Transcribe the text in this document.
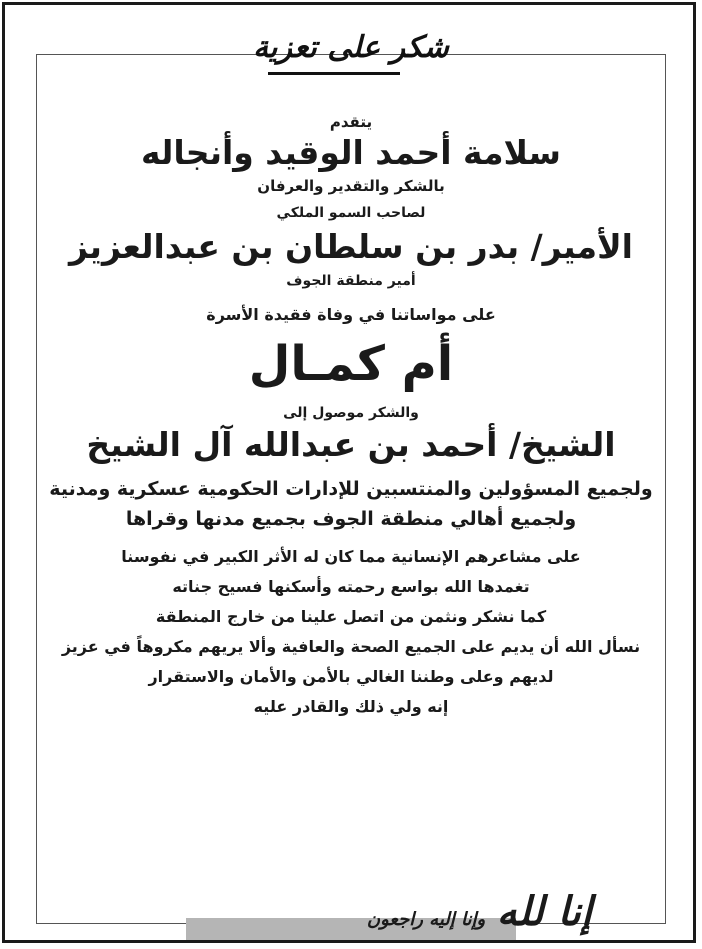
شكر على تعزية
يتقدم
سلامة أحمد الوقيد وأنجاله
بالشكر والتقدير والعرفان
لصاحب السمو الملكي
الأمير/ بدر بن سلطان بن عبدالعزيز
أمير منطقة الجوف
على مواساتنا في وفاة فقيدة الأسرة
أم كمـال
والشكر موصول إلى
الشيخ/ أحمد بن عبدالله آل الشيخ
ولجميع المسؤولين والمنتسبين للإدارات الحكومية عسكرية ومدنية
ولجميع أهالي منطقة الجوف بجميع مدنها وقراها
على مشاعرهم الإنسانية مما كان له الأثر الكبير في نفوسنا
تغمدها الله بواسع رحمته وأسكنها فسيح جناته
كما نشكر ونثمن من اتصل علينا من خارج المنطقة
نسأل الله أن يديم على الجميع الصحة والعافية وألا يريهم مكروهاً في عزيز
لديهم وعلى وطننا الغالي بالأمن والأمان والاستقرار
إنه ولي ذلك والقادر عليه
إنا لله وإنا إليه راجعون
